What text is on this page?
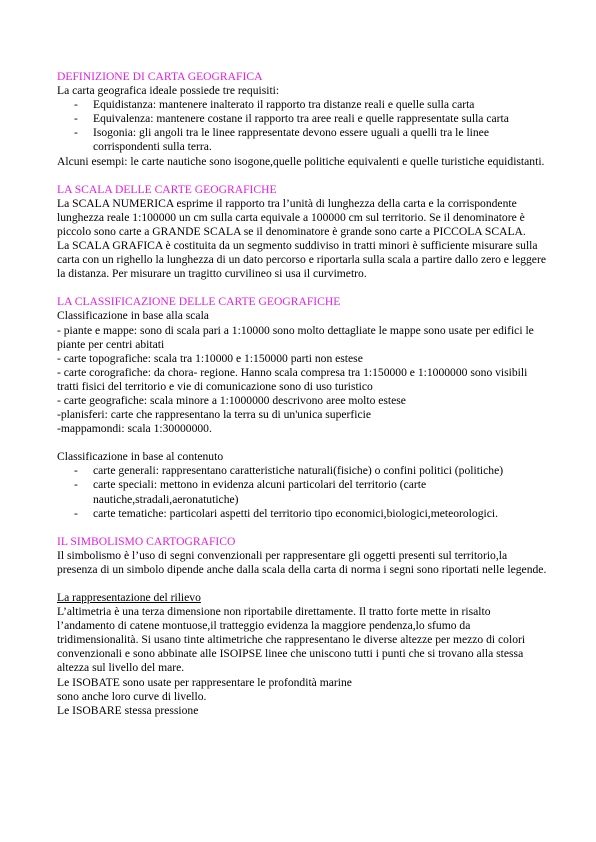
DEFINIZIONE DI CARTA GEOGRAFICA
La carta geografica ideale possiede tre requisiti:
- Equidistanza: mantenere inalterato il rapporto tra distanze reali e quelle sulla carta
- Equivalenza: mantenere costane il rapporto tra aree reali e quelle rappresentate sulla carta
- Isogonia: gli angoli tra le linee rappresentate devono essere uguali a quelli tra le linee corrispondenti sulla terra.
Alcuni esempi: le carte nautiche sono isogone,quelle politiche equivalenti e quelle turistiche equidistanti.
LA SCALA DELLE CARTE GEOGRAFICHE
La SCALA NUMERICA esprime il rapporto tra l’unità di lunghezza della carta e la corrispondente lunghezza reale 1:100000 un cm sulla carta equivale a 100000 cm sul territorio. Se il denominatore è piccolo sono carte a GRANDE SCALA se il denominatore è grande sono carte a PICCOLA SCALA.
La SCALA GRAFICA è costituita da un segmento suddiviso in tratti minori è sufficiente misurare sulla carta con un righello la lunghezza di un dato percorso e riportarla sulla scala a partire dallo zero e leggere la distanza. Per misurare un tragitto curvilineo si usa il curvimetro.
LA CLASSIFICAZIONE DELLE CARTE GEOGRAFICHE
Classificazione in base alla scala
- piante e mappe: sono di scala pari a 1:10000 sono molto dettagliate le mappe sono usate per edifici le piante per centri abitati
- carte topografiche: scala tra 1:10000 e 1:150000 parti non estese
- carte corografiche: da chora- regione. Hanno scala compresa tra 1:150000 e 1:1000000 sono visibili tratti fisici del territorio e vie di comunicazione sono di uso turistico
- carte geografiche: scala minore a 1:1000000 descrivono aree molto estese
-planisferi: carte che rappresentano la terra su di un'unica superficie
-mappamondi: scala 1:30000000.
Classificazione in base al contenuto
- carte generali: rappresentano caratteristiche naturali(fisiche) o confini politici (politiche)
- carte speciali: mettono in evidenza alcuni particolari del territorio (carte nautiche,stradali,aeronatutiche)
- carte tematiche: particolari aspetti del territorio tipo economici,biologici,meteorologici.
IL SIMBOLISMO CARTOGRAFICO
Il simbolismo è l’uso di segni convenzionali per rappresentare gli oggetti presenti sul territorio,la presenza di un simbolo dipende anche dalla scala della carta di norma i segni sono riportati nelle legende.
La rappresentazione del rilievo
L’altimetria è una terza dimensione non riportabile direttamente. Il tratto forte mette in risalto l’andamento di catene montuose,il tratteggio evidenza la maggiore pendenza,lo sfumo da tridimensionalità. Si usano tinte altimetriche che rappresentano le diverse altezze per mezzo di colori convenzionali e sono abbinate alle ISOIPSE linee che uniscono tutti i punti che si trovano alla stessa altezza sul livello del mare.
Le ISOBATE sono usate per rappresentare le profondità marine
sono anche loro curve di livello.
Le ISOBARE stessa pressione
